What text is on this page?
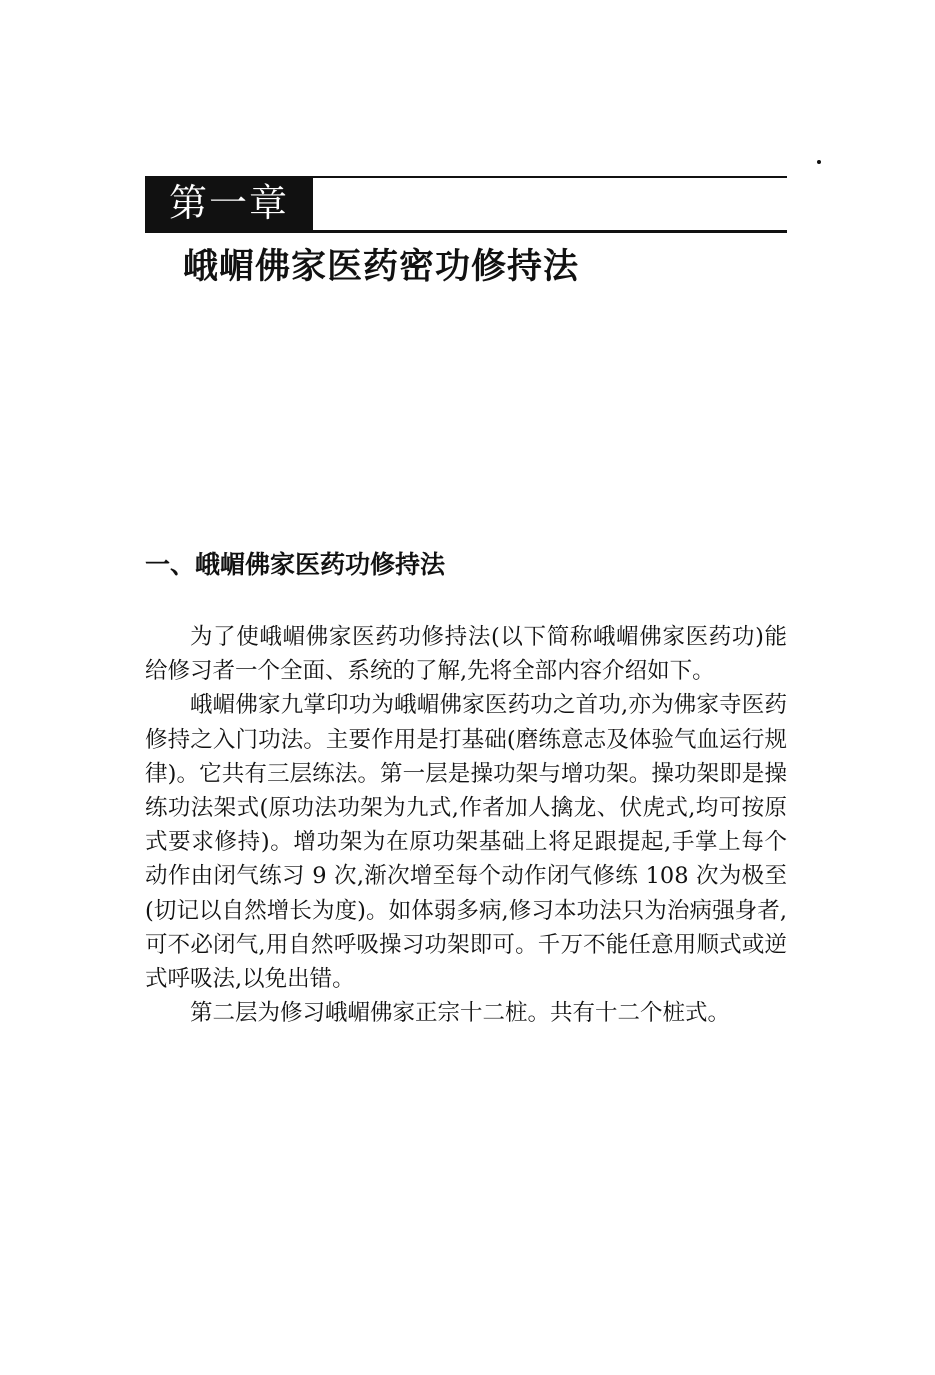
第一章
峨嵋佛家医药密功修持法
一、峨嵋佛家医药功修持法

为了使峨嵋佛家医药功修持法(以下简称峨嵋佛家医药功)能给修习者一个全面、系统的了解,先将全部内容介绍如下。

峨嵋佛家九掌印功为峨嵋佛家医药功之首功,亦为佛家寺医药修持之入门功法。主要作用是打基础(磨练意志及体验气血运行规律)。它共有三层练法。第一层是操功架与增功架。操功架即是操练功法架式(原功法功架为九式,作者加人擒龙、伏虎式,均可按原式要求修持)。增功架为在原功架基础上将足跟提起,手掌上每个动作由闭气练习 9 次,渐次增至每个动作闭气修练 108 次为极至(切记以自然增长为度)。如体弱多病,修习本功法只为治病强身者,可不必闭气,用自然呼吸操习功架即可。千万不能任意用顺式或逆式呼吸法,以免出错。

第二层为修习峨嵋佛家正宗十二桩。共有十二个桩式。
